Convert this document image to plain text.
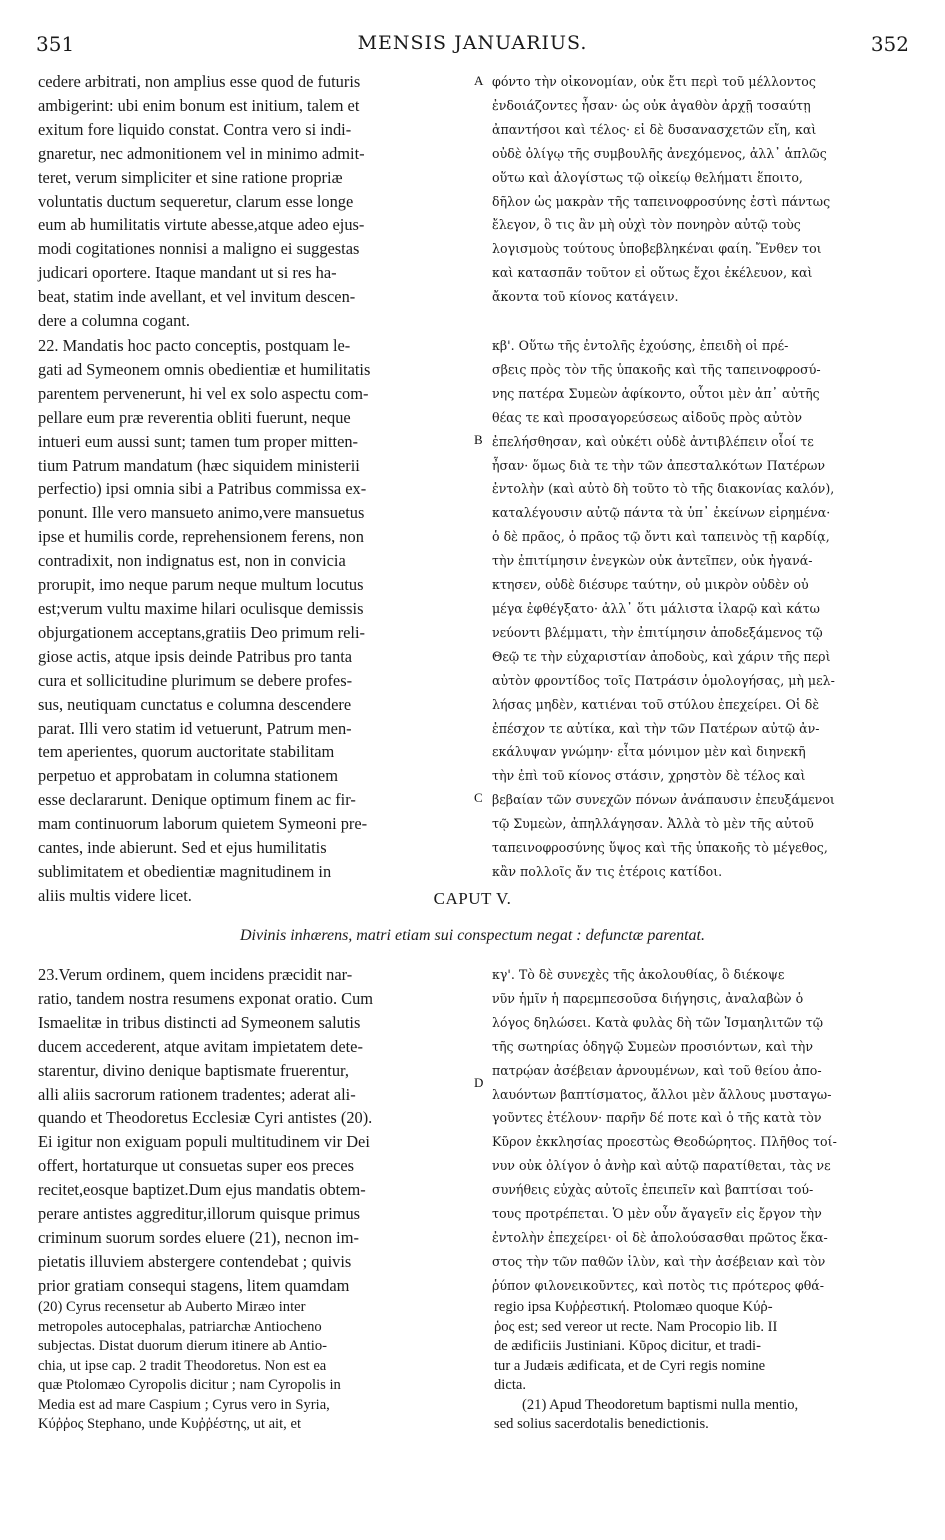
351	MENSIS JANUARIUS.	352

cedere arbitrati, non amplius esse quod de futuris
ambigerint: ubi enim bonum est initium, talem et
exitum fore liquido constat. Contra vero si indi-
gnaretur, nec admonitionem vel in minimo admit-
teret, verum simpliciter et sine ratione propriæ
voluntatis ductum sequeretur, clarum esse longe
eum ab humilitatis virtute abesse,atque adeo ejus-
modi cogitationes nonnisi a maligno ei suggestas
judicari oportere. Itaque mandant ut si res ha-
beat, statim inde avellant, et vel invitum descen-
dere a columna cogant.

φόντο τὴν οἰκονομίαν, οὐκ ἔτι περὶ τοῦ μέλλοντος
ἐνδοιάζοντες ἦσαν· ὡς οὐκ ἀγαθὸν ἀρχῇ τοσαύτῃ
ἀπαντήσοι καὶ τέλος· εἰ δὲ δυσανασχετῶν εἴη, καὶ
οὐδὲ ὀλίγῳ τῆς συμβουλῆς ἀνεχόμενος, ἀλλ᾽ ἁπλῶς
οὕτω καὶ ἀλογίστως τῷ οἰκείῳ θελήματι ἕποιτο,
δῆλον ὡς μακρὰν τῆς ταπεινοφροσύνης ἐστὶ πάντως
ἔλεγον, ὃ τις ἂν μὴ οὐχὶ τὸν πονηρὸν αὐτῷ τοὺς
λογισμοὺς τούτους ὑποβεβληκέναι φαίη. Ἔνθεν τοι
καὶ κατασπᾶν τοῦτον εἰ οὕτως ἔχοι ἐκέλευον, καὶ
ἄκοντα τοῦ κίονος κατάγειν.

22. Mandatis hoc pacto conceptis, postquam le-
gati ad Symeonem omnis obedientiæ et humilitatis
parentem pervenerunt, hi vel ex solo aspectu com-
pellare eum præ reverentia obliti fuerunt, neque
intueri eum aussi sunt; tamen tum proper mitten-
tium Patrum mandatum (hæc siquidem ministerii
perfectio) ipsi omnia sibi a Patribus commissa ex-
ponunt. Ille vero mansueto animo,vere mansuetus
ipse et humilis corde, reprehensionem ferens, non
contradixit, non indignatus est, non in convicia
prorupit, imo neque parum neque multum locutus
est;verum vultu maxime hilari oculisque demissis
objurgationem acceptans,gratiis Deo primum reli-
giose actis, atque ipsis deinde Patribus pro tanta
cura et sollicitudine plurimum se debere profes-
sus, neutiquam cunctatus e columna descendere
parat. Illi vero statim id vetuerunt, Patrum men-
tem aperientes, quorum auctoritate stabilitam
perpetuo et approbatam in columna stationem
esse declararunt. Denique optimum finem ac fir-
mam continuorum laborum quietem Symeoni pre-
cantes, inde abierunt. Sed et ejus humilitatis
sublimitatem et obedientiæ magnitudinem in
aliis multis videre licet.

κβ'. Οὕτω τῆς ἐντολῆς ἐχούσης, ἐπειδὴ οἱ πρέ-
σβεις πρὸς τὸν τῆς ὑπακοῆς καὶ τῆς ταπεινοφροσύ-
νης πατέρα Συμεὼν ἀφίκοντο, οὗτοι μὲν ἀπ᾽ αὐτῆς
θέας τε καὶ προσαγορεύσεως αἰδοῦς πρὸς αὐτὸν
ἐπελήσθησαν, καὶ οὐκέτι οὐδὲ ἀντιβλέπειν οἷοί τε
ἦσαν· ὅμως διὰ τε τὴν τῶν ἀπεσταλκότων Πατέρων
ἐντολὴν (καὶ αὐτὸ δὴ τοῦτο τὸ τῆς διακονίας καλόν),
καταλέγουσιν αὐτῷ πάντα τὰ ὑπ᾽ ἐκείνων εἰρημένα·
ὁ δὲ πρᾶος, ὁ πρᾶος τῷ ὄντι καὶ ταπεινὸς τῇ καρδίᾳ,
τὴν ἐπιτίμησιν ἐνεγκὼν οὐκ ἀντεῖπεν, οὐκ ἠγανά-
κτησεν, οὐδὲ διέσυρε ταύτην, οὐ μικρὸν οὐδὲν οὐ
μέγα ἐφθέγξατο· ἀλλ᾽ ὅτι μάλιστα ἱλαρῷ καὶ κάτω
νεύοντι βλέμματι, τὴν ἐπιτίμησιν ἀποδεξάμενος τῷ
Θεῷ τε τὴν εὐχαριστίαν ἀποδοὺς, καὶ χάριν τῆς περὶ
αὐτὸν φροντίδος τοῖς Πατράσιν ὁμολογήσας, μὴ μελ-
λήσας μηδὲν, κατιέναι τοῦ στύλου ἐπεχείρει. Οἱ δὲ
ἐπέσχον τε αὐτίκα, καὶ τὴν τῶν Πατέρων αὐτῷ ἀν-
εκάλυψαν γνώμην· εἶτα μόνιμον μὲν καὶ διηνεκῆ
τὴν ἐπὶ τοῦ κίονος στάσιν, χρηστὸν δὲ τέλος καὶ
βεβαίαν τῶν συνεχῶν πόνων ἀνάπαυσιν ἐπευξάμενοι
τῷ Συμεὼν, ἀπηλλάγησαν. Ἀλλὰ τὸ μὲν τῆς αὐτοῦ
ταπεινοφροσύνης ὕψος καὶ τῆς ὑπακοῆς τὸ μέγεθος,
κἂν πολλοῖς ἄν τις ἑτέροις κατίδοι.

CAPUT V.
Divinis inhærens, matri etiam sui conspectum negat : defunctæ parentat.

23.Verum ordinem, quem incidens præcidit nar-
ratio, tandem nostra resumens exponat oratio. Cum
Ismaelitæ in tribus distincti ad Symeonem salutis
ducem accederent, atque avitam impietatem dete-
starentur, divino denique baptismate fruerentur,
alli aliis sacrorum rationem tradentes; aderat ali-
quando et Theodoretus Ecclesiæ Cyri antistes (20).
Ei igitur non exiguam populi multitudinem vir Dei
offert, hortaturque ut consuetas super eos preces
recitet,eosque baptizet.Dum ejus mandatis obtem-
perare antistes aggreditur,illorum quisque primus
criminum suorum sordes eluere (21), necnon im-
pietatis illuviem abstergere contendebat ; quivis
prior gratiam consequi stagens, litem quamdam

κγ'. Τὸ δὲ συνεχὲς τῆς ἀκολουθίας, ὃ διέκοψε
νῦν ἡμῖν ἡ παρεμπεσοῦσα διήγησις, ἀναλαβὼν ὁ
λόγος δηλώσει. Κατὰ φυλὰς δὴ τῶν Ἰσμαηλιτῶν τῷ
τῆς σωτηρίας ὁδηγῷ Συμεὼν προσιόντων, καὶ τὴν
πατρῴαν ἀσέβειαν ἀρνουμένων, καὶ τοῦ θείου ἀπο-
λαυόντων βαπτίσματος, ἄλλοι μὲν ἄλλους μυσταγω-
γοῦντες ἐτέλουν· παρῆν δέ ποτε καὶ ὁ τῆς κατὰ τὸν
Κῦρον ἐκκλησίας προεστὼς Θεοδώρητος. Πλῆθος τοί-
νυν οὐκ ὀλίγον ὁ ἀνὴρ καὶ αὐτῷ παρατίθεται, τὰς νε
συνήθεις εὐχὰς αὐτοῖς ἐπειπεῖν καὶ βαπτίσαι τού-
τους προτρέπεται. Ὁ μὲν οὖν ἄγαγεῖν εἰς ἔργον τὴν
ἐντολὴν ἐπεχείρει· οἱ δὲ ἀπολούσασθαι πρῶτος ἕκα-
στος τὴν τῶν παθῶν ἰλὺν, καὶ τὴν ἀσέβειαν καὶ τὸν
ῥύπον φιλονεικοῦντες, καὶ ποτὸς τις πρότερος φθά-

A
B
C
D

(20) Cyrus recensetur ab Auberto Miræo inter
metropoles autocephalas, patriarchæ Antiocheno
subjectas. Distat duorum dierum itinere ab Antio-
chia, ut ipse cap. 2 tradit Theodoretus. Non est ea
quæ Ptolomæo Cyropolis dicitur ; nam Cyropolis in
Media est ad mare Caspium ; Cyrus vero in Syria,
Κύῤῥος Stephano, unde Κυῤῥέστης, ut ait, et

regio ipsa Κυῤῥεστική. Ptolomæo quoque Κύῤ-
ῥος est; sed vereor ut recte. Nam Procopio lib. II
de ædificiis Justiniani. Κῦρος dicitur, et tradi-
tur a Judæis ædificata, et de Cyri regis nomine
dicta.

(21) Apud Theodoretum baptismi nulla mentio,
sed solius sacerdotalis benedictionis.
